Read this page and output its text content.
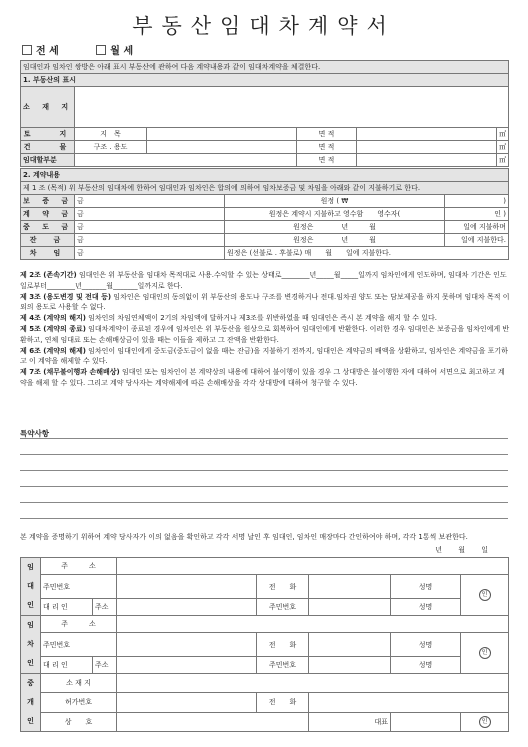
부동산임대차계약서
전 세	월 세
임대인과 임차인 쌍방은 아래 표시 부동산에 관하여 다음 계약내용과 같이 임대차계약을 체결한다.					
1. 부동산의 표시					
소 재 지					
토　　지	지　목		면 적		㎡
건　　물	구조 . 용도		면 적		㎡
임대할부분			면 적		㎡
2. 계약내용			
제 1 조 (목적) 위 부동산의 임대차에 한하여 임대인과 임차인은 합의에 의하여 임차보증금 및 차임을 아래와 같이 지불하기로 한다.			
보 증 금	금	원정 ( ₩	)
계 약 금	금	원정은 계약시 지불하고 영수함　　영수자(	인 )
중 도 금	금	원정은　　　　년　　　월	일에 지불하며
잔　금	금	원정은　　　　년　　　월	일에 지불한다.
차　임	금	원정은 (선불로 . 후불로) 매　　월　　일에 지불한다.	
제 2조 (존속기간) 임대인은 위 부동산을 임대차 목적대로 사용.수익할 수 있는 상태로________년_____월_____일까지 임차인에게 인도하며, 임대차 기간은 인도일로부터________년_______월_______일까지로 한다.
제 3조 (용도변경 및 전대 등) 임차인은 임대인의 동의없이 위 부동산의 용도나 구조를 변경하거나 전대.임차권 양도 또는 담보제공을 하지 못하며 임대차 목적 이외의 용도로 사용할 수 없다.
제 4조 (계약의 해지) 임차인의 차임연체액이 2기의 차임액에 달하거나 제3조를 위반하였을 때 임대인은 즉시 본 계약을 해지 할 수 있다.
제 5조 (계약의 종료) 임대차계약이 종료된 경우에 임차인은 위 부동산을 원상으로 회복하여 임대인에게 반환한다. 이러한 경우 임대인은 보증금을 임차인에게 반환하고, 연체 임대료 또는 손해배상금이 있을 때는 이들을 제하고 그 잔액을 반환한다.
제 6조 (계약의 해제) 임차인이 임대인에게 중도금(중도금이 없을 때는 잔금)을 지불하기 전까지, 임대인은 계약금의 배액을 상환하고, 임차인은 계약금을 포기하고 이 계약을 해제할 수 있다.
제 7조 (채무불이행과 손해배상) 임대인 또는 임차인이 본 계약상의 내용에 대하여 불이행이 있을 경우 그 상대방은 불이행한 자에 대하여 서면으로 최고하고 계약을 해제 할 수 있다. 그리고 계약 당사자는 계약해제에 따른 손해배상을 각각 상대방에 대하여 청구할 수 있다.
특약사항
본 계약을 증명하기 위하여 계약 당사자가 이의 없음을 확인하고 각각 서명 날인 후 임대인, 임차인 매장마다 간인하여야 하며, 각각 1통씩 보관한다.
년 월 일
임 대 인	주　　　소						
	주민번호			전　　화		성명	인
	대 리 인	주소		주민번호		성명	
임 차 인	주　　　소						
	주민번호			전　　화		성명	인
	대 리 인	주소		주민번호		성명	
중 개 인	소 재 지						
	허가번호			전　　화			
	상　　호				대표		인
